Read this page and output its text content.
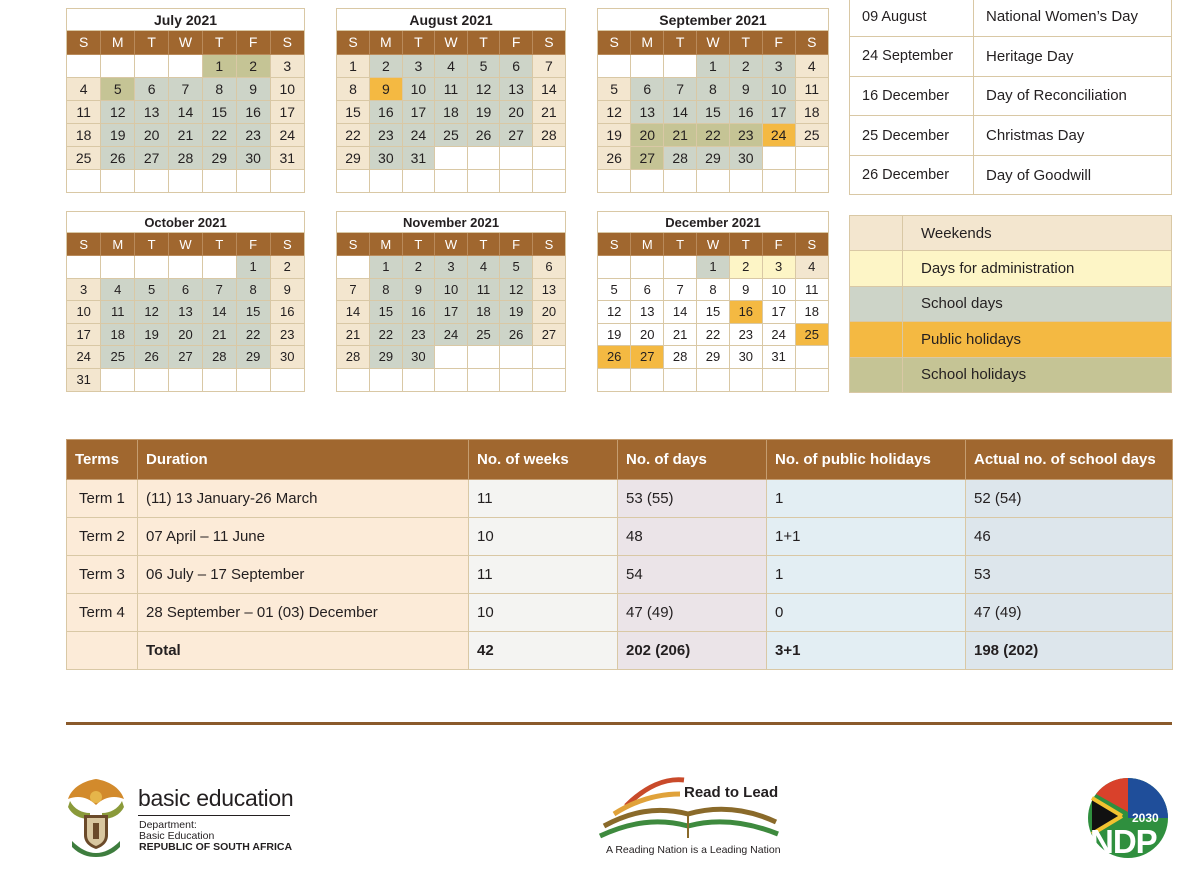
July 2021
S	M	T	W	T	F	S
				1	2	3
4	5	6	7	8	9	10
11	12	13	14	15	16	17
18	19	20	21	22	23	24
25	26	27	28	29	30	31

August 2021
S	M	T	W	T	F	S
1	2	3	4	5	6	7
8	9	10	11	12	13	14
15	16	17	18	19	20	21
22	23	24	25	26	27	28
29	30	31				

September 2021
S	M	T	W	T	F	S
			1	2	3	4
5	6	7	8	9	10	11
12	13	14	15	16	17	18
19	20	21	22	23	24	25
26	27	28	29	30		

October 2021
S	M	T	W	T	F	S
					1	2
3	4	5	6	7	8	9
10	11	12	13	14	15	16
17	18	19	20	21	22	23
24	25	26	27	28	29	30
31						
November 2021
S	M	T	W	T	F	S
	1	2	3	4	5	6
7	8	9	10	11	12	13
14	15	16	17	18	19	20
21	22	23	24	25	26	27
28	29	30				

December 2021
S	M	T	W	T	F	S
			1	2	3	4
5	6	7	8	9	10	11
12	13	14	15	16	17	18
19	20	21	22	23	24	25
26	27	28	29	30	31	

09 August	National Women’s Day
24 September	Heritage Day
16 December	Day of Reconciliation
25 December	Christmas Day
26 December	Day of Goodwill
	Weekends
	Days for administration
	School days
	Public holidays
	School holidays
Terms	Duration	No. of weeks	No. of days	No. of public holidays	Actual no. of school days
Term 1	(11) 13 January-26 March	11	53 (55)	1	52 (54)
Term 2	07 April – 11 June	10	48	1+1	46
Term 3	06 July – 17 September	11	54	1	53
Term 4	28 September – 01 (03) December	10	47 (49)	0	47 (49)
	Total	42	202 (206)	3+1	198 (202)
basic education
Department:
Basic Education
REPUBLIC OF SOUTH AFRICA
Read to Lead
A Reading Nation is a Leading Nation
2030
NDP
